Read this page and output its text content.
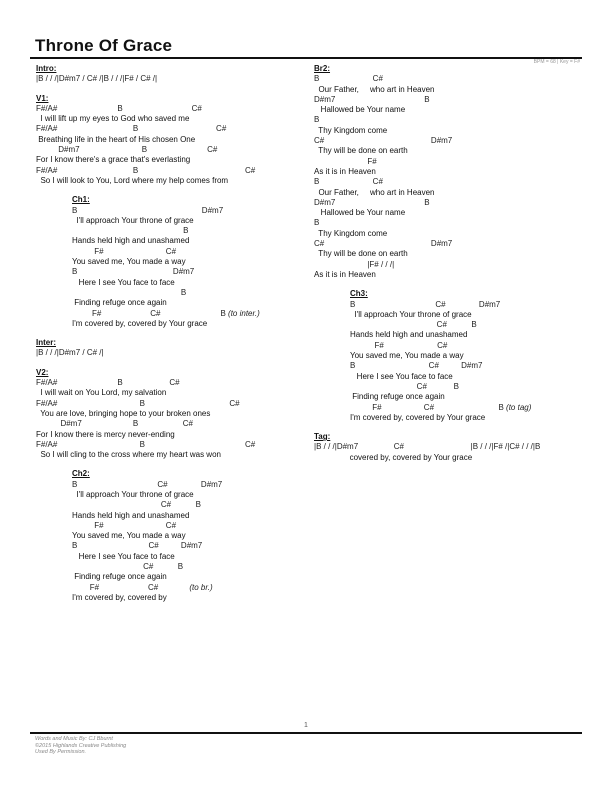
Throne Of Grace
BPM = 68 | Key = F#
Intro:
|B / / /|D#m7 / C# /|B / / /|F# / C# /|
V1:
F#/A#                           B                               C#
I will lift up my eyes to God who saved me
F#/A#                                  B                                   C#
Breathing life in the heart of His chosen One
D#m7                            B                           C#
For I know there's a grace that's everlasting
F#/A#                                  B                                                C#
So I will look to You, Lord where my help comes from
Ch1:
B                                                        D#m7
I'll approach Your throne of grace
B
Hands held high and unashamed
F#                            C#
You saved me, You made a way
B                                           D#m7
Here I see You face to face
B
Finding refuge once again
F#                      C#                           B (to inter.)
I'm covered by, covered by Your grace
Inter:
|B / / /|D#m7 / C# /|
V2:
F#/A#                           B                     C#
I will wait on You Lord, my salvation
F#/A#                                     B                                      C#
You are love, bringing hope to your broken ones
D#m7                       B                    C#
For I know there is mercy never-ending
F#/A#                                     B                                             C#
So I will cling to the cross where my heart was won
Ch2:
B                                    C#               D#m7
I'll approach Your throne of grace
C#           B
Hands held high and unashamed
F#                            C#
You saved me, You made a way
B                                C#          D#m7
Here I see You face to face
C#           B
Finding refuge once again
F#                      C#              (to br.)
I'm covered by, covered by
Br2:
B                        C#
Our Father,     who art in Heaven
D#m7                                        B
Hallowed be Your name
B
Thy Kingdom come
C#                                                D#m7
Thy will be done on earth
F#
As it is in Heaven
B                        C#
Our Father,     who art in Heaven
D#m7                                        B
Hallowed be Your name
B
Thy Kingdom come
C#                                                D#m7
Thy will be done on earth
|F# / / /|
As it is in Heaven
Ch3:
B                                    C#               D#m7
I'll approach Your throne of grace
C#           B
Hands held high and unashamed
F#                        C#
You saved me, You made a way
B                                 C#          D#m7
Here I see You face to face
C#            B
Finding refuge once again
F#                   C#                             B (to tag)
I'm covered by, covered by Your grace
Tag:
|B / / /|D#m7                C#                              |B / / /|F# /|C# / / /|B
covered by, covered by Your grace
1
Words and Music By: CJ Bburnt
©2015 Highlands Creative Publishing
Used By Permission.
